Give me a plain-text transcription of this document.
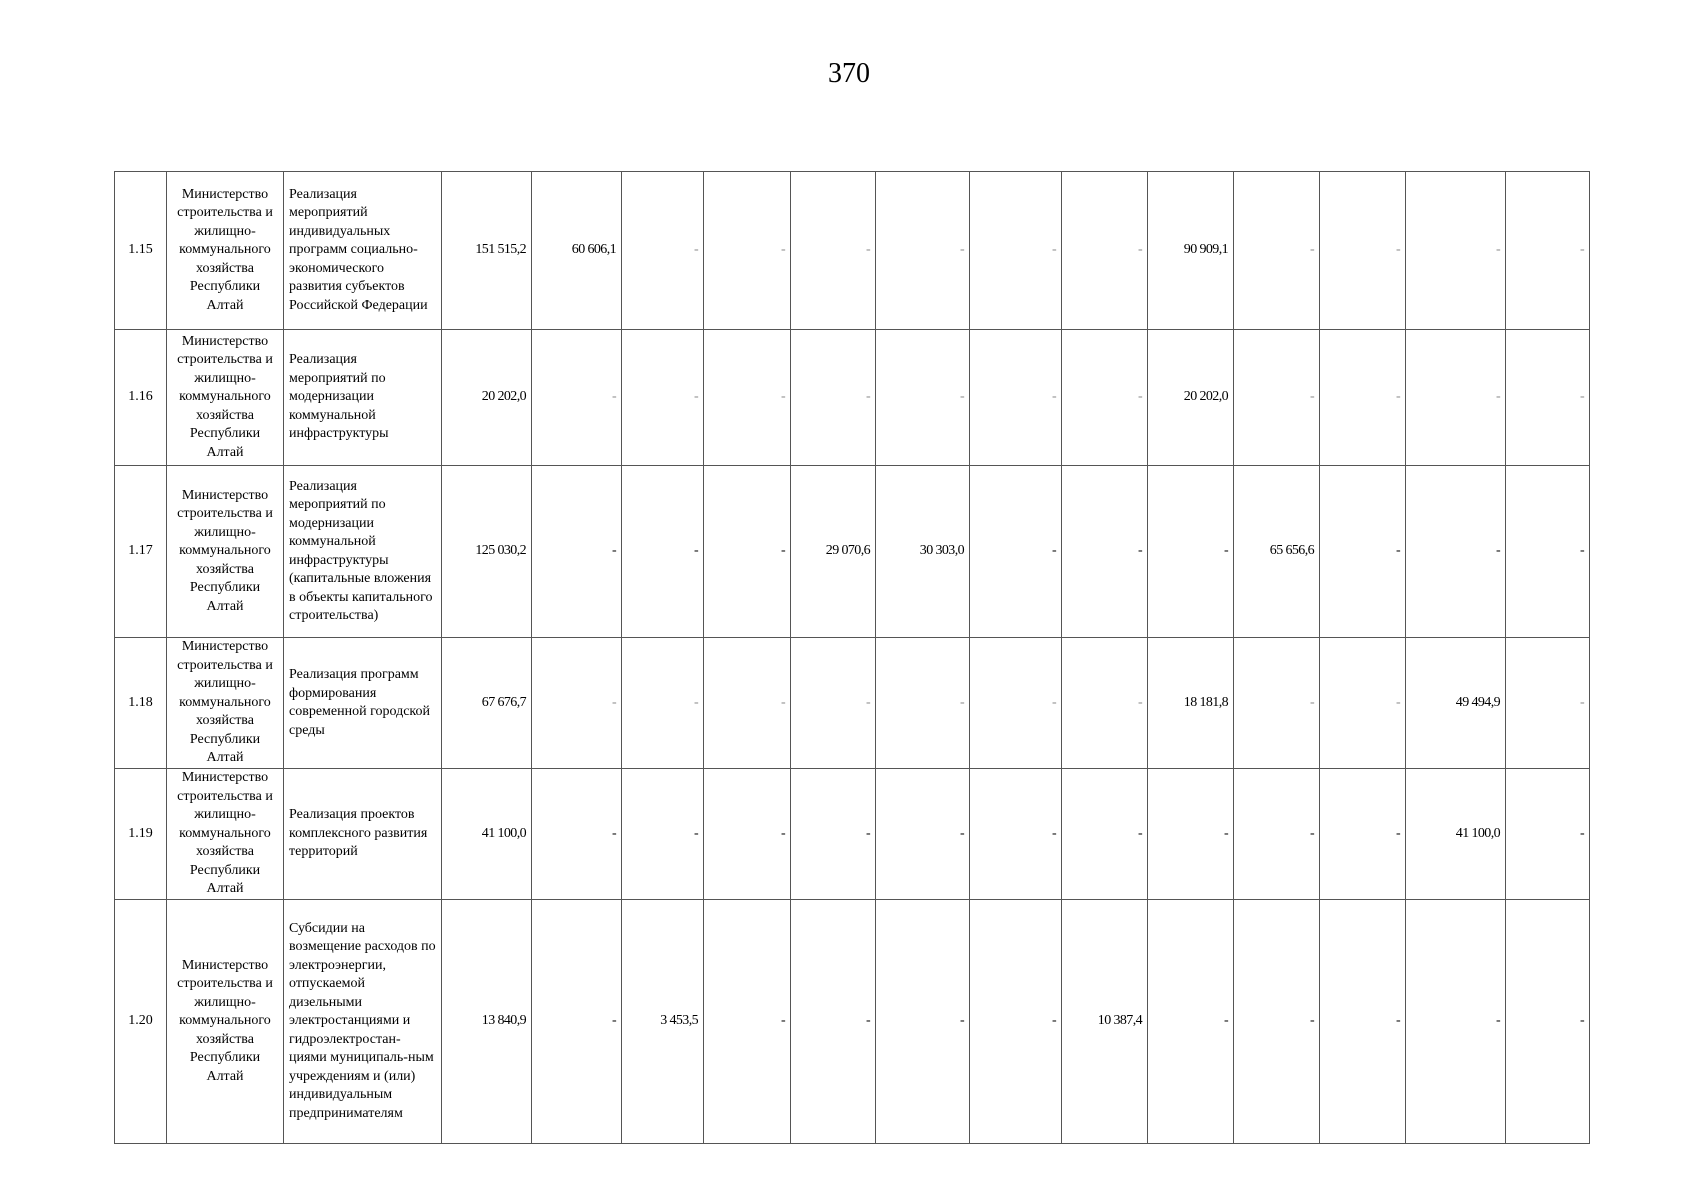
370
1.15	Министерство строительства и жилищно-коммунального хозяйства Республики Алтай	Реализация мероприятий индивидуальных программ социально-экономического развития субъектов Российской Федерации	151 515,2	60 606,1	-	-	-	-	-	-	90 909,1	-	-	-	-
1.16	Министерство строительства и жилищно-коммунального хозяйства Республики Алтай	Реализация мероприятий по модернизации коммунальной инфраструктуры	20 202,0	-	-	-	-	-	-	-	20 202,0	-	-	-	-
1.17	Министерство строительства и жилищно-коммунального хозяйства Республики Алтай	Реализация мероприятий по модернизации коммунальной инфраструктуры (капитальные вложения в объекты капитального строительства)	125 030,2	-	-	-	29 070,6	30 303,0	-	-	-	65 656,6	-	-	-
1.18	Министерство строительства и жилищно-коммунального хозяйства Республики Алтай	Реализация программ формирования современной городской среды	67 676,7	-	-	-	-	-	-	-	18 181,8	-	-	49 494,9	-
1.19	Министерство строительства и жилищно-коммунального хозяйства Республики Алтай	Реализация проектов комплексного развития территорий	41 100,0	-	-	-	-	-	-	-	-	-	-	41 100,0	-
1.20	Министерство строительства и жилищно-коммунального хозяйства Республики Алтай	Субсидии на возмещение расходов по электроэнергии, отпускаемой дизельными электростанциями и гидроэлектростан-циями муниципаль-ным учреждениям и (или) индивидуальным предпринимателям	13 840,9	-	3 453,5	-	-	-	-	10 387,4	-	-	-	-	-
